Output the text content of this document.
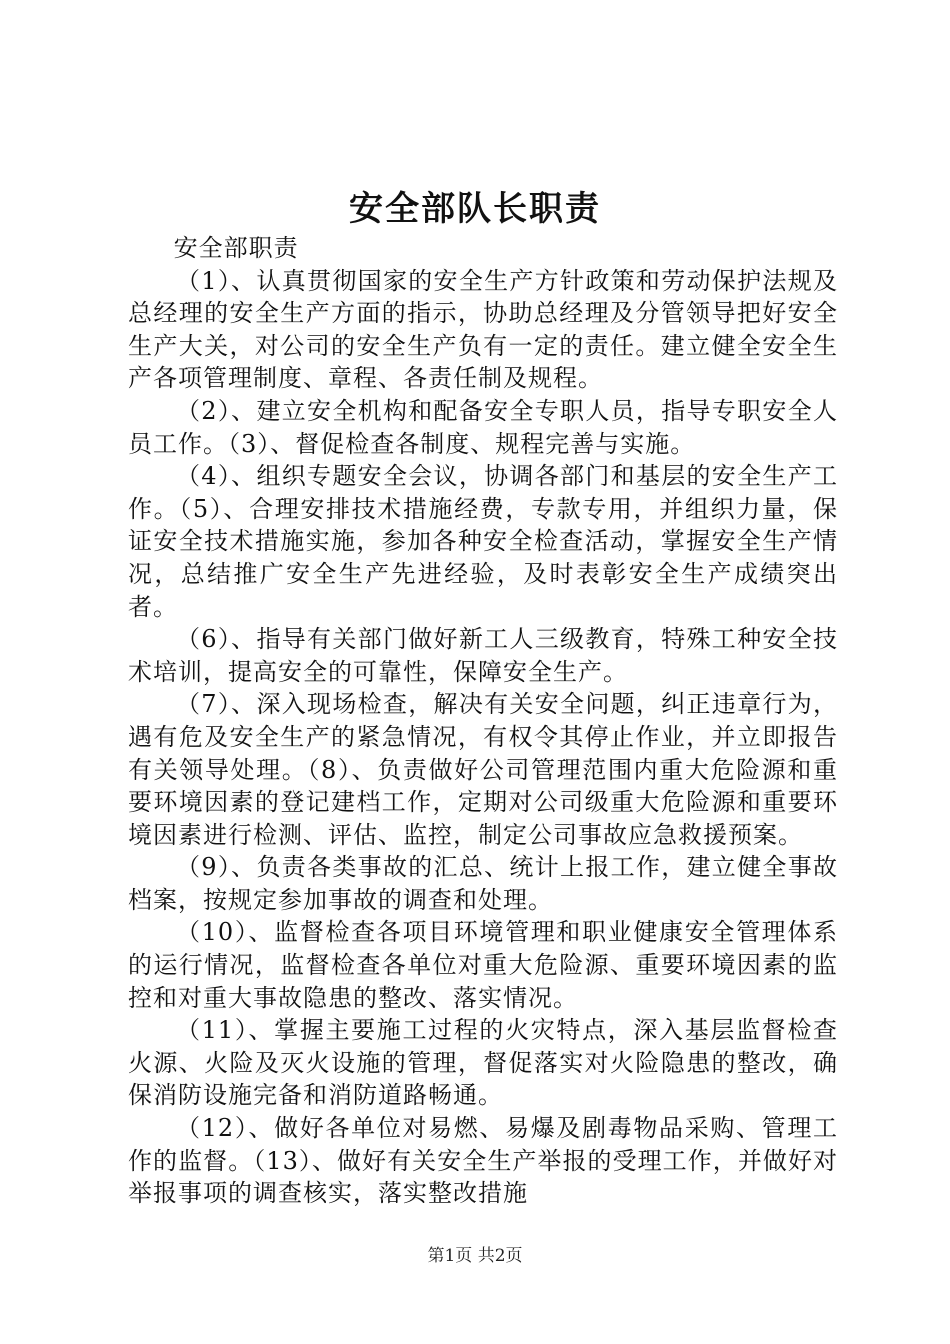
安全部队长职责

安全部职责

（1）、认真贯彻国家的安全生产方针政策和劳动保护法规及总经理的安全生产方面的指示，协助总经理及分管领导把好安全生产大关，对公司的安全生产负有一定的责任。建立健全安全生产各项管理制度、章程、各责任制及规程。

（2）、建立安全机构和配备安全专职人员，指导专职安全人员工作。（3）、督促检查各制度、规程完善与实施。

（4）、组织专题安全会议，协调各部门和基层的安全生产工作。（5）、合理安排技术措施经费，专款专用，并组织力量，保证安全技术措施实施，参加各种安全检查活动，掌握安全生产情况，总结推广安全生产先进经验，及时表彰安全生产成绩突出者。

（6）、指导有关部门做好新工人三级教育，特殊工种安全技术培训，提高安全的可靠性，保障安全生产。

（7）、深入现场检查，解决有关安全问题，纠正违章行为，遇有危及安全生产的紧急情况，有权令其停止作业，并立即报告有关领导处理。（8）、负责做好公司管理范围内重大危险源和重要环境因素的登记建档工作，定期对公司级重大危险源和重要环境因素进行检测、评估、监控，制定公司事故应急救援预案。

（9）、负责各类事故的汇总、统计上报工作，建立健全事故档案，按规定参加事故的调查和处理。

（10）、监督检查各项目环境管理和职业健康安全管理体系的运行情况，监督检查各单位对重大危险源、重要环境因素的监控和对重大事故隐患的整改、落实情况。

（11）、掌握主要施工过程的火灾特点，深入基层监督检查火源、火险及灭火设施的管理，督促落实对火险隐患的整改，确保消防设施完备和消防道路畅通。

（12）、做好各单位对易燃、易爆及剧毒物品采购、管理工作的监督。（13）、做好有关安全生产举报的受理工作，并做好对举报事项的调查核实，落实整改措施

第1页 共2页
